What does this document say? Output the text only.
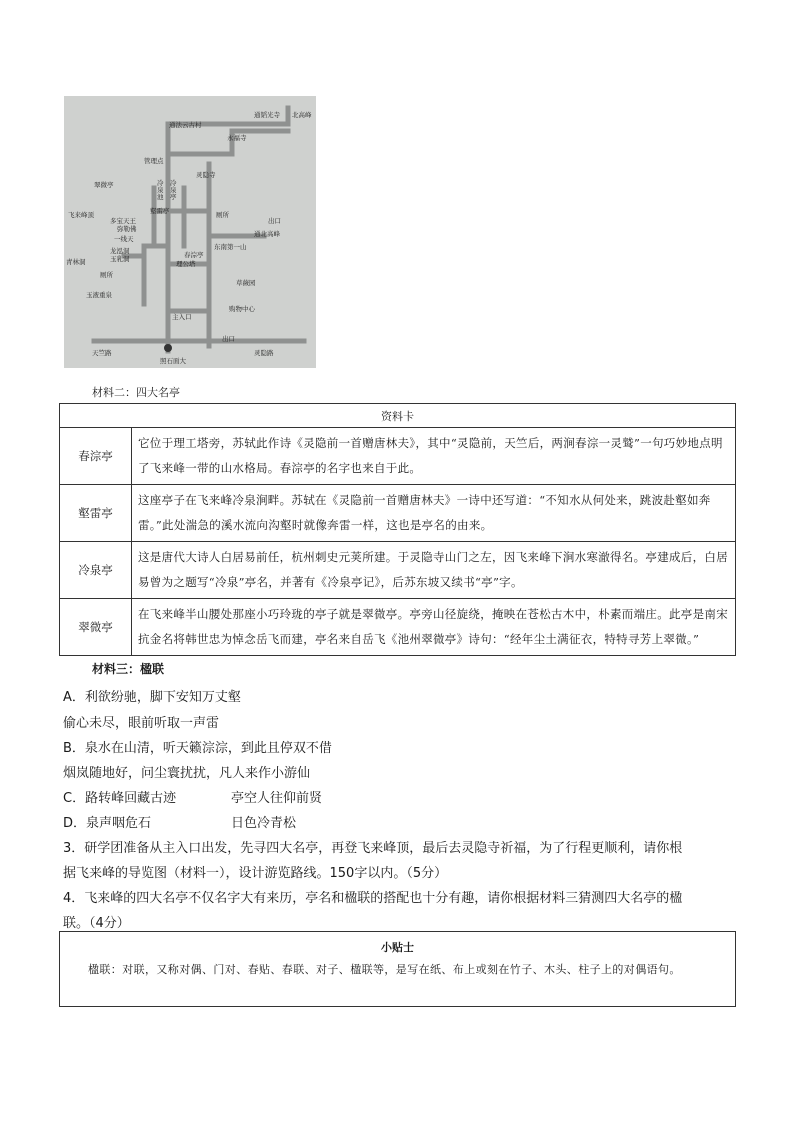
通法云古村
通韬光寺 北高峰
永福寺
管理点
灵隐寺
翠微亭	冷泉池
冷泉亭
飞来峰顶
多宝天王
弥勒佛
壑雷亭
一线天
厕所
出口
通北高峰
东南第一山
龙泓洞
玉乳洞	春淙亭
理公塔
青林洞
厕所
玉液重泉
草薇园
购物中心
主入口
出口
天竺路	灵隐路
照石面大
材料二：四大名亭
资料卡	
春淙亭	它位于理工塔旁，苏轼此作诗《灵隐前一首赠唐林夫》，其中“灵隐前，天竺后，两涧春淙一灵鹫”一句巧妙地点明了飞来峰一带的山水格局。春淙亭的名字也来自于此。
壑雷亭	这座亭子在飞来峰冷泉涧畔。苏轼在《灵隐前一首赠唐林夫》一诗中还写道：“不知水从何处来，跳波赴壑如奔雷。”此处湍急的溪水流向沟壑时就像奔雷一样，这也是亭名的由来。
冷泉亭	这是唐代大诗人白居易前任，杭州刺史元荚所建。于灵隐寺山门之左，因飞来峰下涧水寒澈得名。亭建成后，白居易曾为之题写“冷泉”亭名，并著有《冷泉亭记》，后苏东坡又续书“亭”字。
翠微亭	在飞来峰半山腰处那座小巧玲珑的亭子就是翠微亭。亭旁山径旋绕，掩映在苍松古木中，朴素而端庄。此亭是南宋抗金名将韩世忠为悼念岳飞而建，亭名来自岳飞《池州翠微亭》诗句：“经年尘土满征衣，特特寻芳上翠微。”
材料三：楹联
A．利欲纷驰，脚下安知万丈壑
偷心未尽，眼前听取一声雷
B．泉水在山清，听天籁淙淙，到此且停双不借
烟岚随地好，问尘寰扰扰，凡人来作小游仙
C．路转峰回藏古迹	亭空人往仰前贤
D．泉声咽危石	日色冷青松
3．研学团准备从主入口出发，先寻四大名亭，再登飞来峰顶，最后去灵隐寺祈福，为了行程更顺利，请你根
据飞来峰的导览图（材料一），设计游览路线。150字以内。（5分）
4．飞来峰的四大名亭不仅名字大有来历，亭名和楹联的搭配也十分有趣，请你根据材料三猜测四大名亭的楹
联。（4分）
小贴士
楹联：对联，又称对偶、门对、春贴、春联、对子、楹联等，是写在纸、布上或刻在竹子、木头、柱子上的对偶语句。
